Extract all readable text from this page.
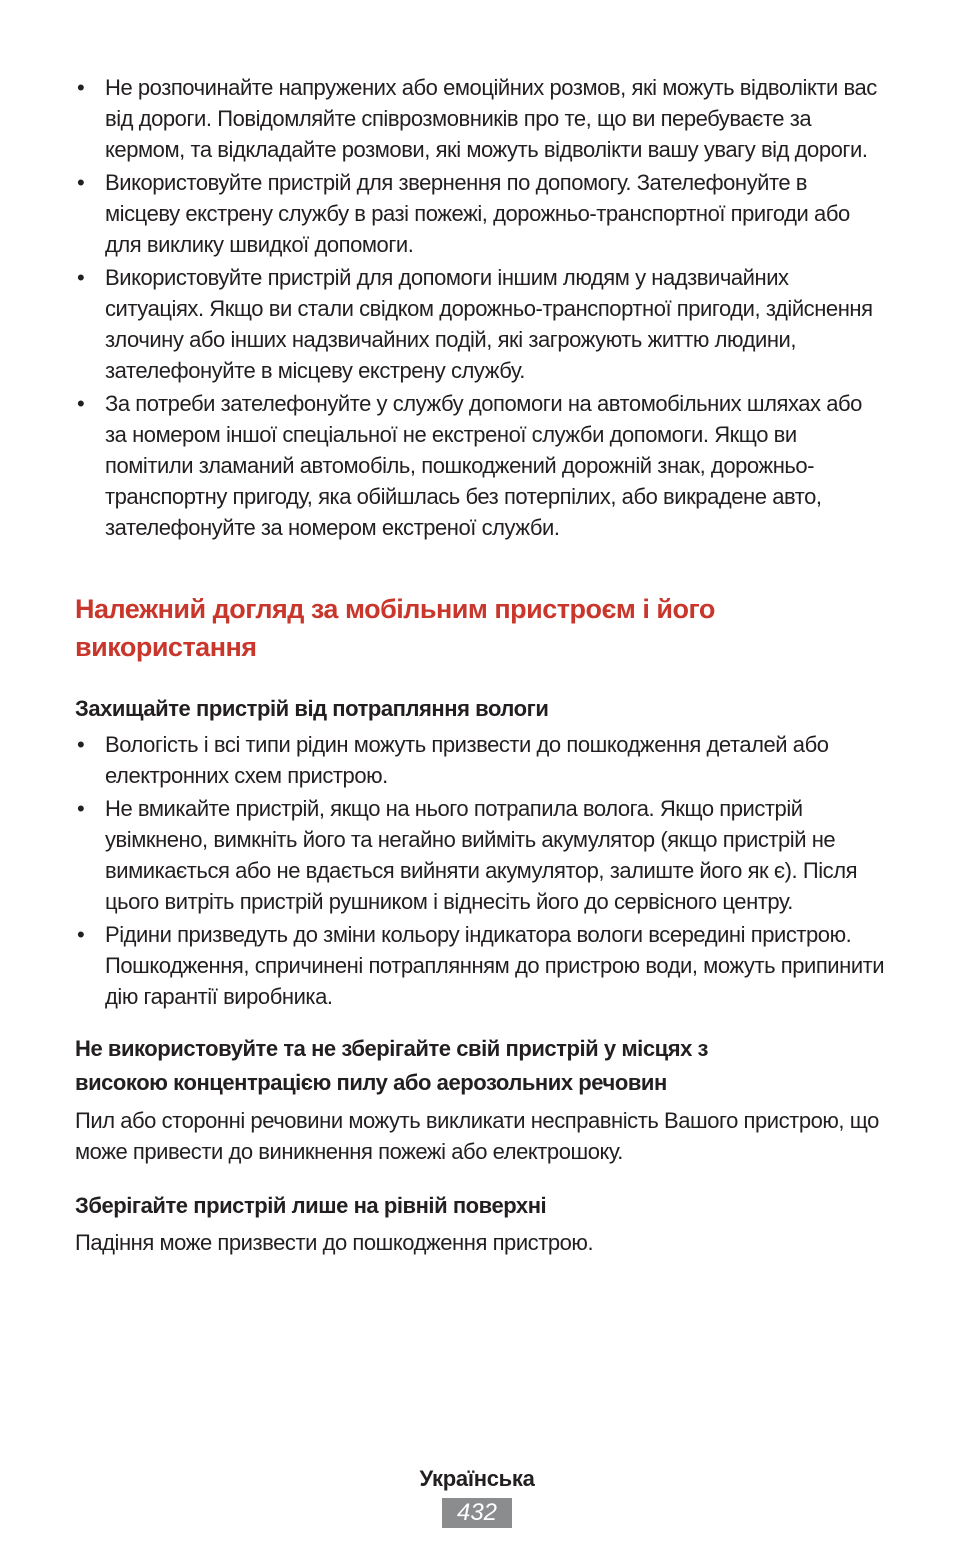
• Не розпочинайте напружених або емоційних розмов, які можуть відволікти вас від дороги. Повідомляйте співрозмовників про те, що ви перебуваєте за кермом, та відкладайте розмови, які можуть відволікти вашу увагу від дороги.
• Використовуйте пристрій для звернення по допомогу. Зателефонуйте в місцеву екстрену службу в разі пожежі, дорожньо-транспортної пригоди або для виклику швидкої допомоги.
• Використовуйте пристрій для допомоги іншим людям у надзвичайних ситуаціях. Якщо ви стали свідком дорожньо-транспортної пригоди, здійснення злочину або інших надзвичайних подій, які загрожують життю людини, зателефонуйте в місцеву екстрену службу.
• За потреби зателефонуйте у службу допомоги на автомобільних шляхах або за номером іншої спеціальної не екстреної служби допомоги. Якщо ви помітили зламаний автомобіль, пошкоджений дорожній знак, дорожньо-транспортну пригоду, яка обійшлась без потерпілих, або викрадене авто, зателефонуйте за номером екстреної служби.
Належний догляд за мобільним пристроєм і його
використання
Захищайте пристрій від потрапляння вологи
• Вологість і всі типи рідин можуть призвести до пошкодження деталей або електронних схем пристрою.
• Не вмикайте пристрій, якщо на нього потрапила волога. Якщо пристрій увімкнено, вимкніть його та негайно вийміть акумулятор (якщо пристрій не вимикається або не вдається вийняти акумулятор, залиште його як є). Після цього витріть пристрій рушником і віднесіть його до сервісного центру.
• Рідини призведуть до зміни кольору індикатора вологи всередині пристрою. Пошкодження, спричинені потраплянням до пристрою води, можуть припинити дію гарантії виробника.
Не використовуйте та не зберігайте свій пристрій у місцях з
високою концентрацією пилу або аерозольних речовин

Пил або сторонні речовини можуть викликати несправність Вашого пристрою, що може привести до виникнення пожежі або електрошоку.

Зберігайте пристрій лише на рівній поверхні

Падіння може призвести до пошкодження пристрою.

Українська
432
